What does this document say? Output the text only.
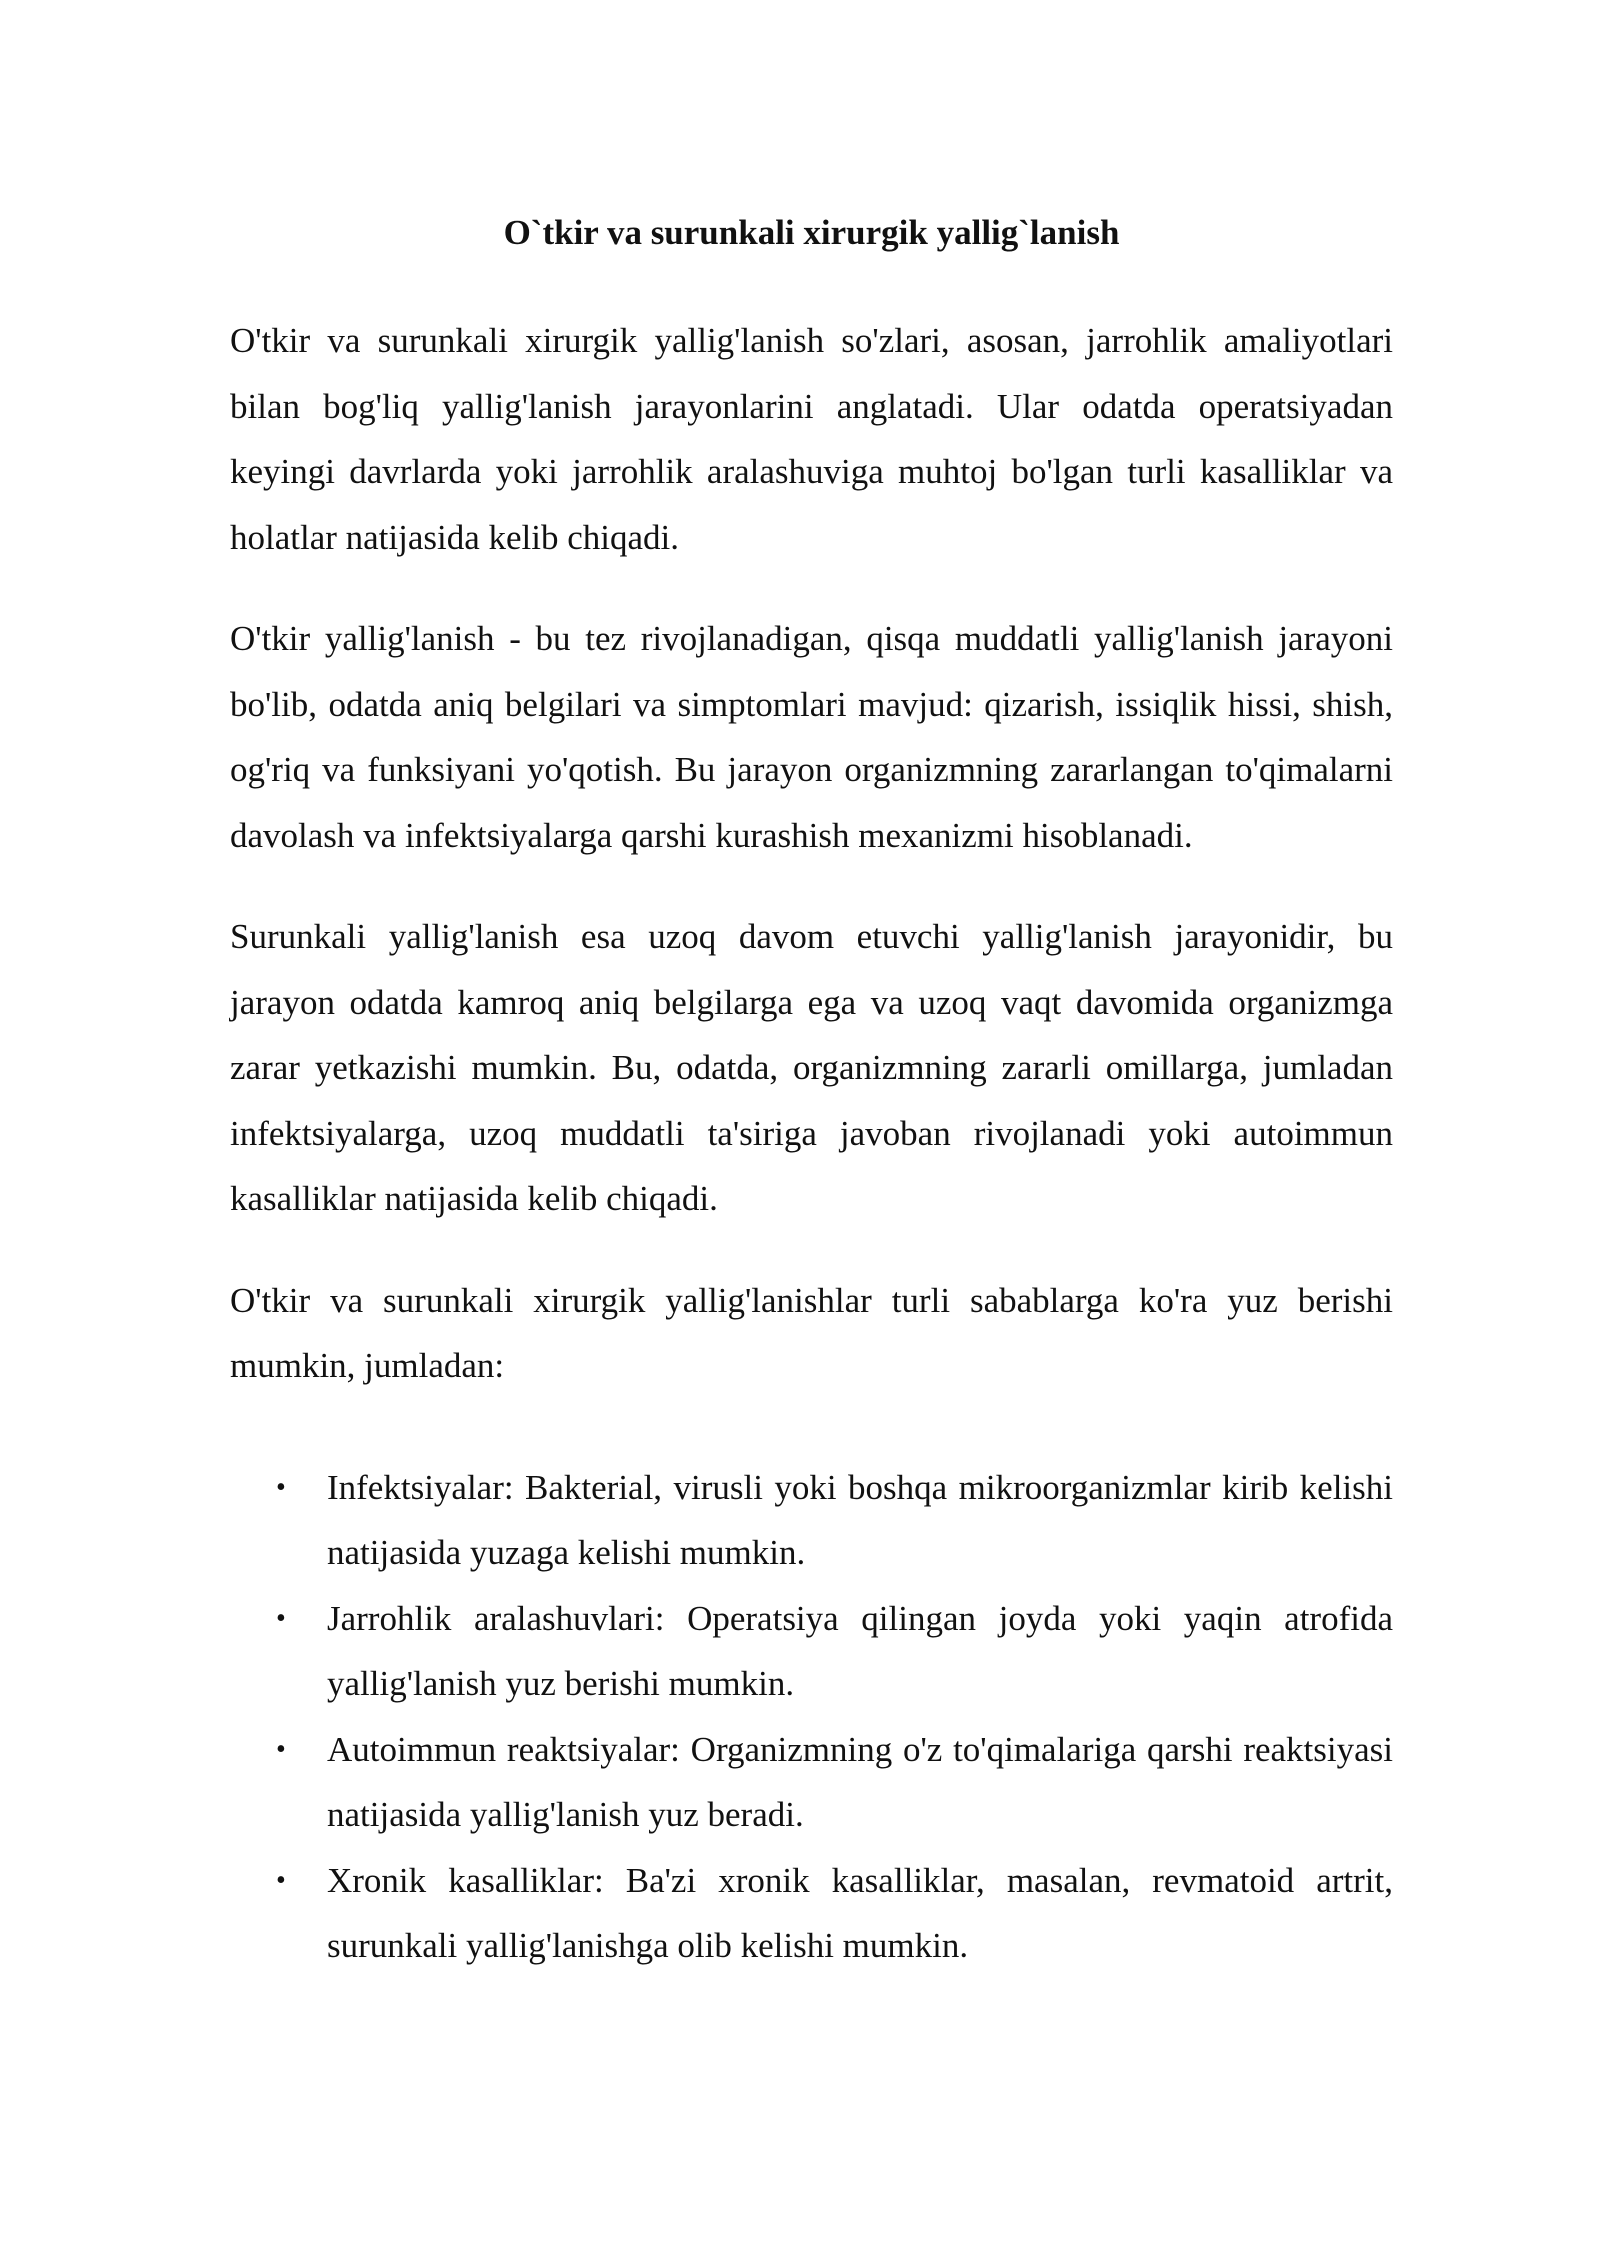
O`tkir va surunkali xirurgik yallig`lanish

O'tkir va surunkali xirurgik yallig'lanish so'zlari, asosan, jarrohlik amaliyotlari bilan bog'liq yallig'lanish jarayonlarini anglatadi. Ular odatda operatsiyadan keyingi davrlarda yoki jarrohlik aralashuviga muhtoj bo'lgan turli kasalliklar va holatlar natijasida kelib chiqadi.

O'tkir yallig'lanish - bu tez rivojlanadigan, qisqa muddatli yallig'lanish jarayoni bo'lib, odatda aniq belgilari va simptomlari mavjud: qizarish, issiqlik hissi, shish, og'riq va funksiyani yo'qotish. Bu jarayon organizmning zararlangan to'qimalarni davolash va infektsiyalarga qarshi kurashish mexanizmi hisoblanadi.

Surunkali yallig'lanish esa uzoq davom etuvchi yallig'lanish jarayonidir, bu jarayon odatda kamroq aniq belgilarga ega va uzoq vaqt davomida organizmga zarar yetkazishi mumkin. Bu, odatda, organizmning zararli omillarga, jumladan infektsiyalarga, uzoq muddatli ta'siriga javoban rivojlanadi yoki autoimmun kasalliklar natijasida kelib chiqadi.

O'tkir va surunkali xirurgik yallig'lanishlar turli sabablarga ko'ra yuz berishi mumkin, jumladan:

• Infektsiyalar: Bakterial, virusli yoki boshqa mikroorganizmlar kirib kelishi natijasida yuzaga kelishi mumkin.
• Jarrohlik aralashuvlari: Operatsiya qilingan joyda yoki yaqin atrofida yallig'lanish yuz berishi mumkin.
• Autoimmun reaktsiyalar: Organizmning o'z to'qimalariga qarshi reaktsiyasi natijasida yallig'lanish yuz beradi.
• Xronik kasalliklar: Ba'zi xronik kasalliklar, masalan, revmatoid artrit, surunkali yallig'lanishga olib kelishi mumkin.
